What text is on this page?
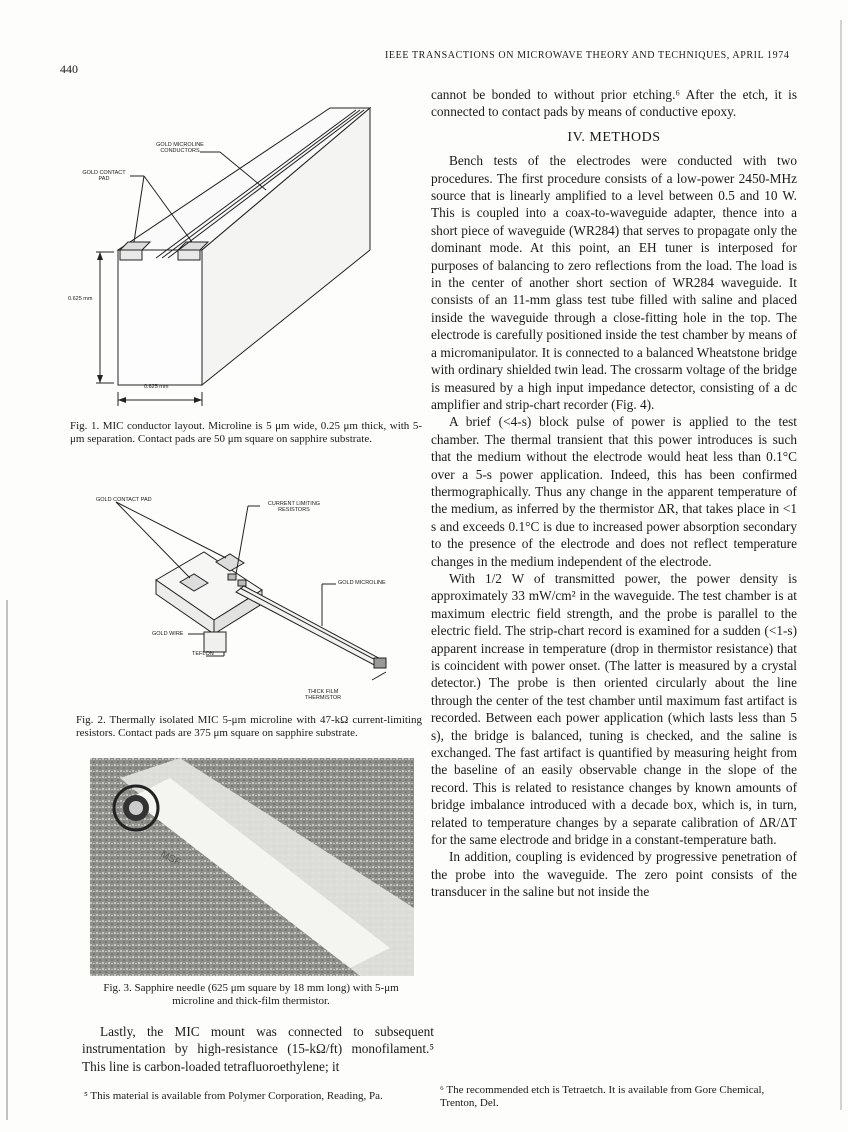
440
IEEE TRANSACTIONS ON MICROWAVE THEORY AND TECHNIQUES, APRIL 1974
GOLD MICROLINE CONDUCTORS
GOLD CONTACT PAD
0.625 mm
0.625 mm
Fig. 1. MIC conductor layout. Microline is 5 μm wide, 0.25 μm thick, with 5-μm separation. Contact pads are 50 μm square on sapphire substrate.
GOLD CONTACT PAD
CURRENT LIMITING RESISTORS
GOLD MICROLINE
GOLD WIRE
TEFLON
THICK FILM THERMISTOR
Fig. 2. Thermally isolated MIC 5-μm microline with 47-kΩ current-limiting resistors. Contact pads are 375 μm square on sapphire substrate.
MSF
Fig. 3. Sapphire needle (625 μm square by 18 mm long) with 5-μm microline and thick-film thermistor.

Lastly, the MIC mount was connected to subsequent instrumentation by high-resistance (15-kΩ/ft) monofilament.⁵ This line is carbon-loaded tetrafluoroethylene; it

cannot be bonded to without prior etching.⁶ After the etch, it is connected to contact pads by means of conductive epoxy.

IV. METHODS

Bench tests of the electrodes were conducted with two procedures. The first procedure consists of a low-power 2450-MHz source that is linearly amplified to a level between 0.5 and 10 W. This is coupled into a coax-to-waveguide adapter, thence into a short piece of waveguide (WR284) that serves to propagate only the dominant mode. At this point, an EH tuner is interposed for purposes of balancing to zero reflections from the load. The load is in the center of another short section of WR284 waveguide. It consists of an 11-mm glass test tube filled with saline and placed inside the waveguide through a close-fitting hole in the top. The electrode is carefully positioned inside the test chamber by means of a micromanipulator. It is connected to a balanced Wheatstone bridge with ordinary shielded twin lead. The crossarm voltage of the bridge is measured by a high input impedance detector, consisting of a dc amplifier and strip-chart recorder (Fig. 4).

A brief (<4-s) block pulse of power is applied to the test chamber. The thermal transient that this power introduces is such that the medium without the electrode would heat less than 0.1°C over a 5-s power application. Indeed, this has been confirmed thermographically. Thus any change in the apparent temperature of the medium, as inferred by the thermistor ΔR, that takes place in <1 s and exceeds 0.1°C is due to increased power absorption secondary to the presence of the electrode and does not reflect temperature changes in the medium independent of the electrode.

With 1/2 W of transmitted power, the power density is approximately 33 mW/cm² in the waveguide. The test chamber is at maximum electric field strength, and the probe is parallel to the electric field. The strip-chart record is examined for a sudden (<1-s) apparent increase in temperature (drop in thermistor resistance) that is coincident with power onset. (The latter is measured by a crystal detector.) The probe is then oriented circularly about the line through the center of the test chamber until maximum fast artifact is recorded. Between each power application (which lasts less than 5 s), the bridge is balanced, tuning is checked, and the saline is exchanged. The fast artifact is quantified by measuring height from the baseline of an easily observable change in the slope of the record. This is related to resistance changes by known amounts of bridge imbalance introduced with a decade box, which is, in turn, related to temperature changes by a separate calibration of ΔR/ΔT for the same electrode and bridge in a constant-temperature bath.

In addition, coupling is evidenced by progressive penetration of the probe into the waveguide. The zero point consists of the transducer in the saline but not inside the

⁵ This material is available from Polymer Corporation, Reading, Pa.	⁶ The recommended etch is Tetraetch. It is available from Gore Chemical, Trenton, Del.
